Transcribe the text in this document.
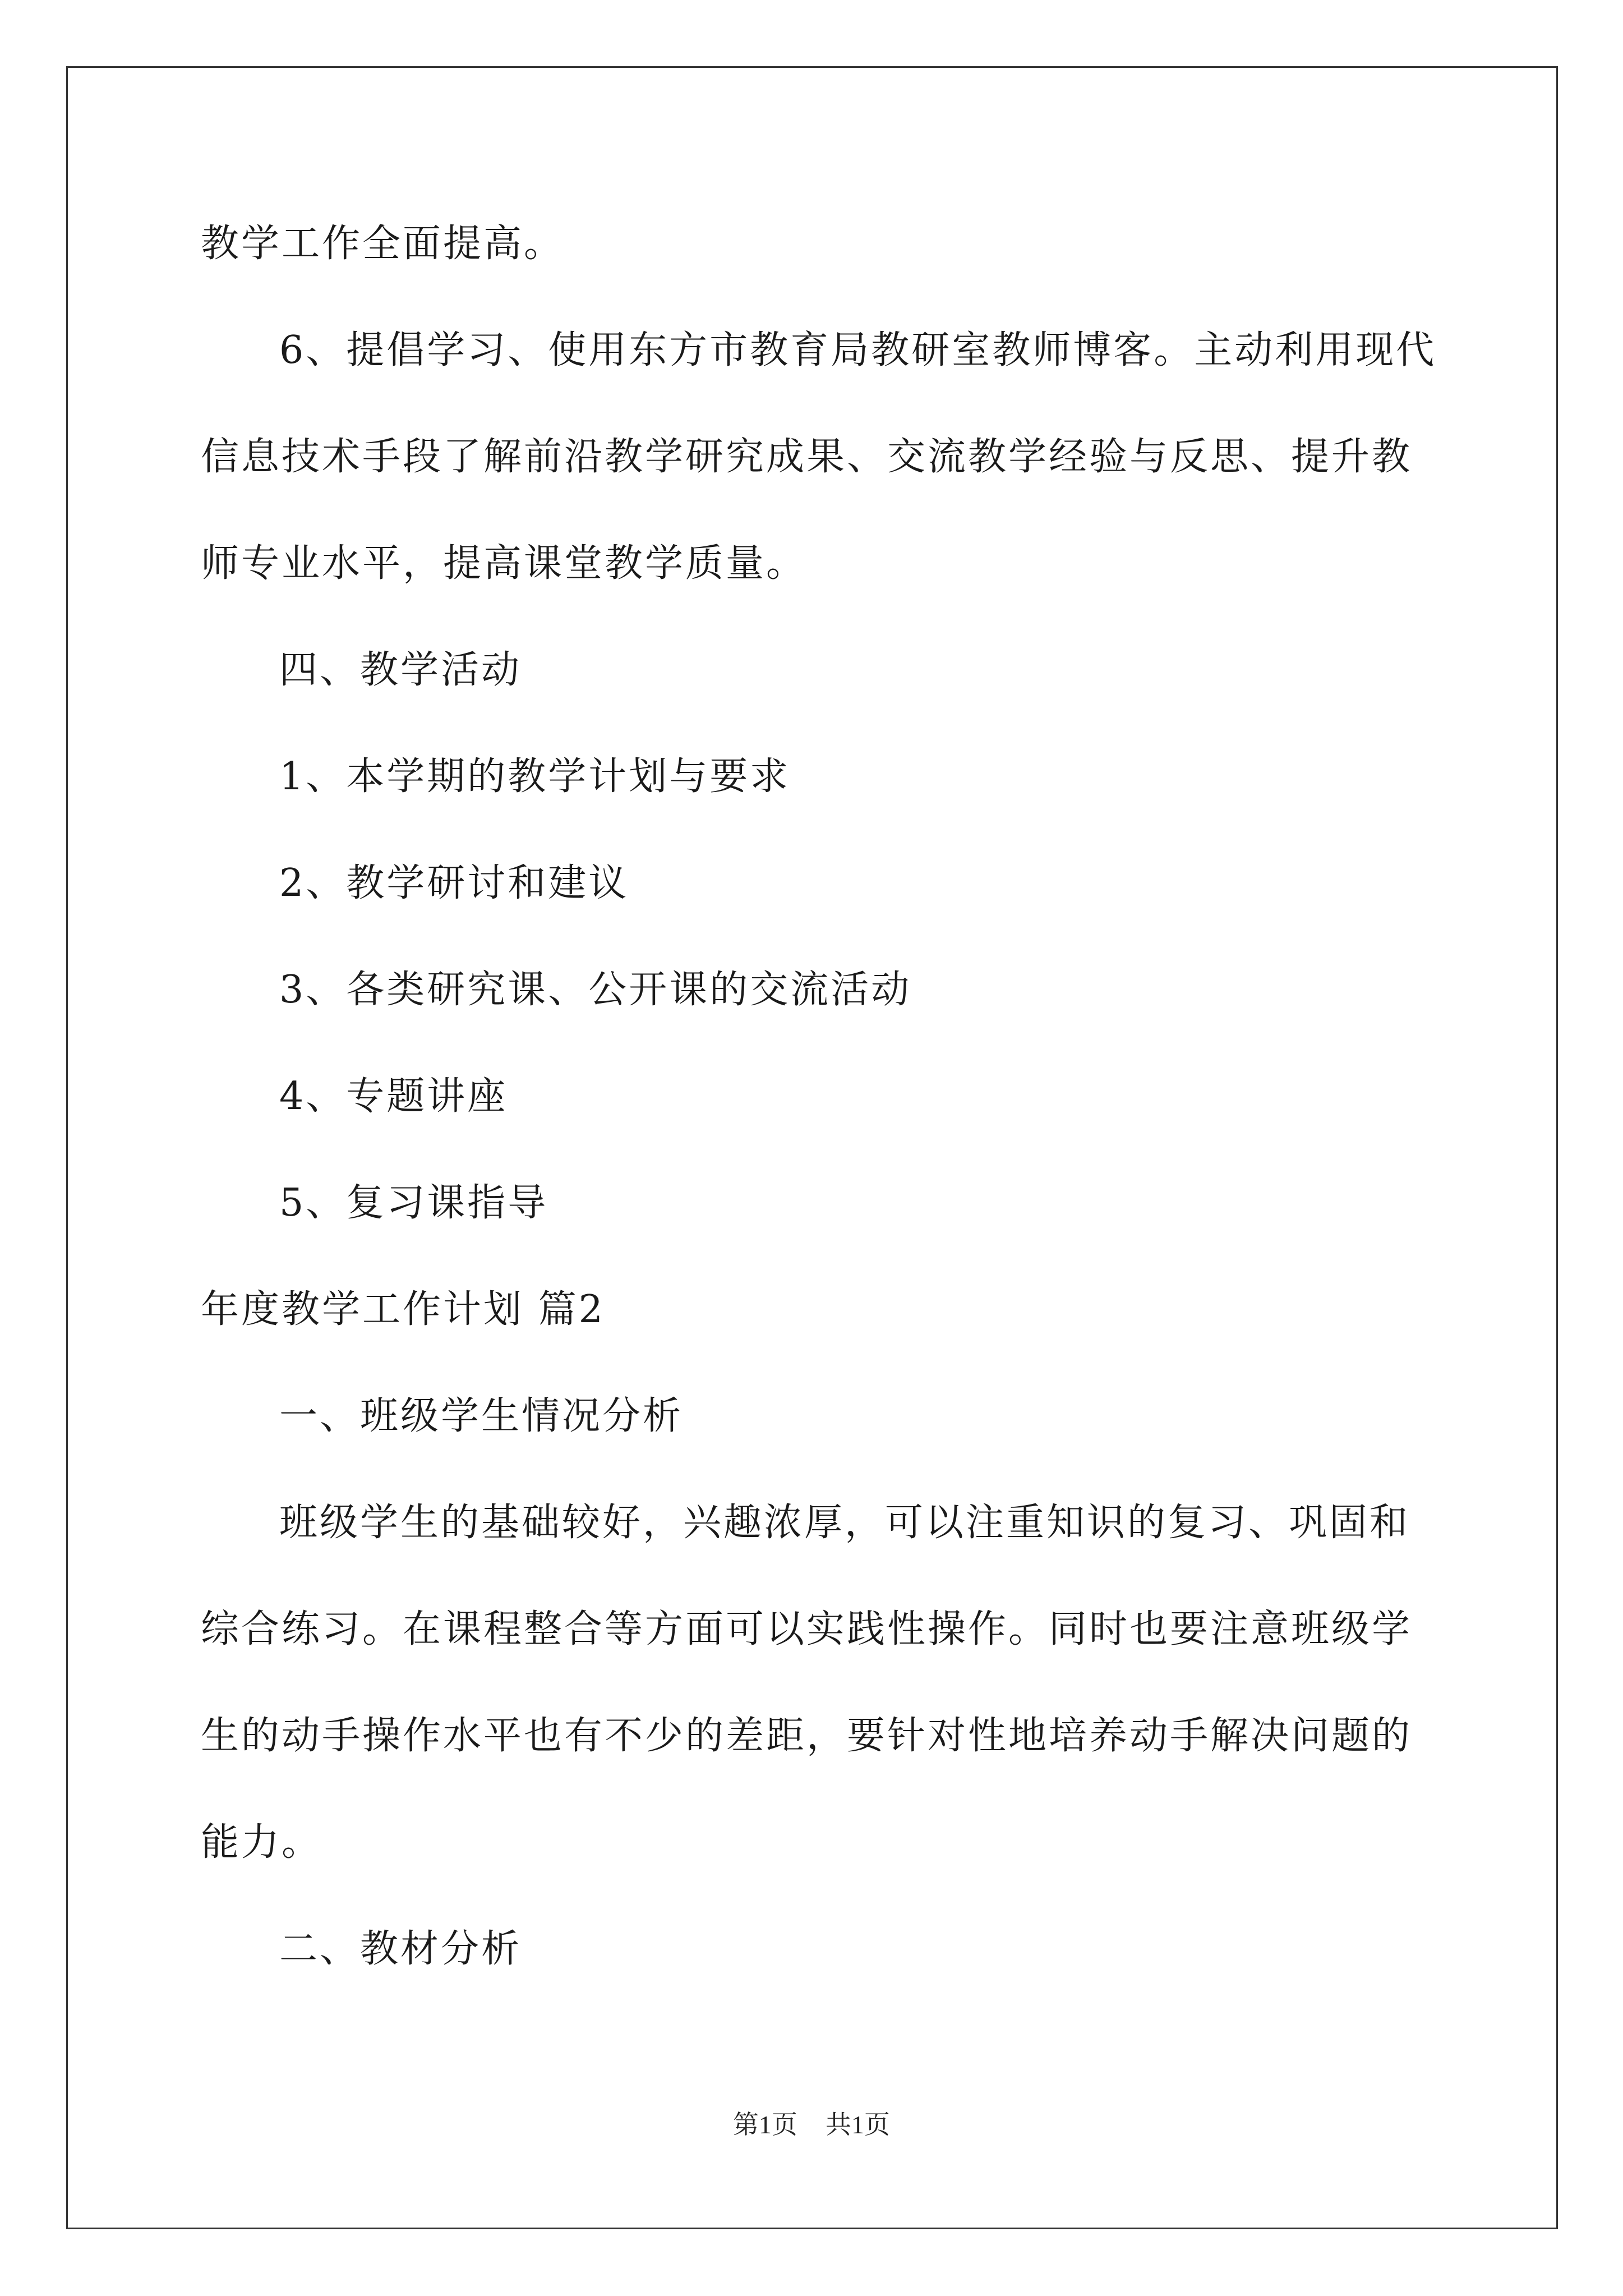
教学工作全面提高。
6、提倡学习、使用东方市教育局教研室教师博客。主动利用现代
信息技术手段了解前沿教学研究成果、交流教学经验与反思、提升教
师专业水平，提高课堂教学质量。
四、教学活动
1、本学期的教学计划与要求
2、教学研讨和建议
3、各类研究课、公开课的交流活动
4、专题讲座
5、复习课指导
年度教学工作计划 篇2
一、班级学生情况分析
班级学生的基础较好，兴趣浓厚，可以注重知识的复习、巩固和
综合练习。在课程整合等方面可以实践性操作。同时也要注意班级学
生的动手操作水平也有不少的差距，要针对性地培养动手解决问题的
能力。
二、教材分析
第1页 共1页
